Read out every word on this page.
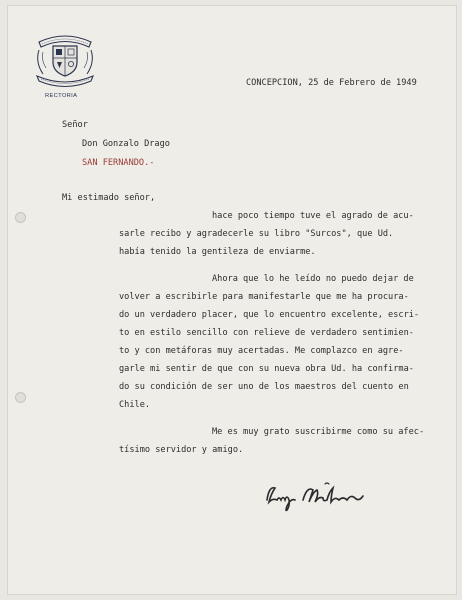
RECTORIA
CONCEPCION, 25 de Febrero de 1949
Señor
Don Gonzalo Drago
SAN FERNANDO.-
Mi estimado señor,
hace poco tiempo tuve el agrado de acu-
sarle recibo y agradecerle su libro "Surcos", que Ud.
había tenido la gentileza de enviarme.
Ahora que lo he leído no puedo dejar de
volver a escribirle para manifestarle que me ha procura-
do un verdadero placer, que lo encuentro excelente, escri-
to en estilo sencillo con relieve de verdadero sentimien-
to y con metáforas muy acertadas. Me complazco en agre-
garle mi sentir de que con su nueva obra Ud. ha confirma-
do su condición de ser uno de los maestros del cuento en
Chile.
Me es muy grato suscribirme como su afec-
tísimo servidor y amigo.
